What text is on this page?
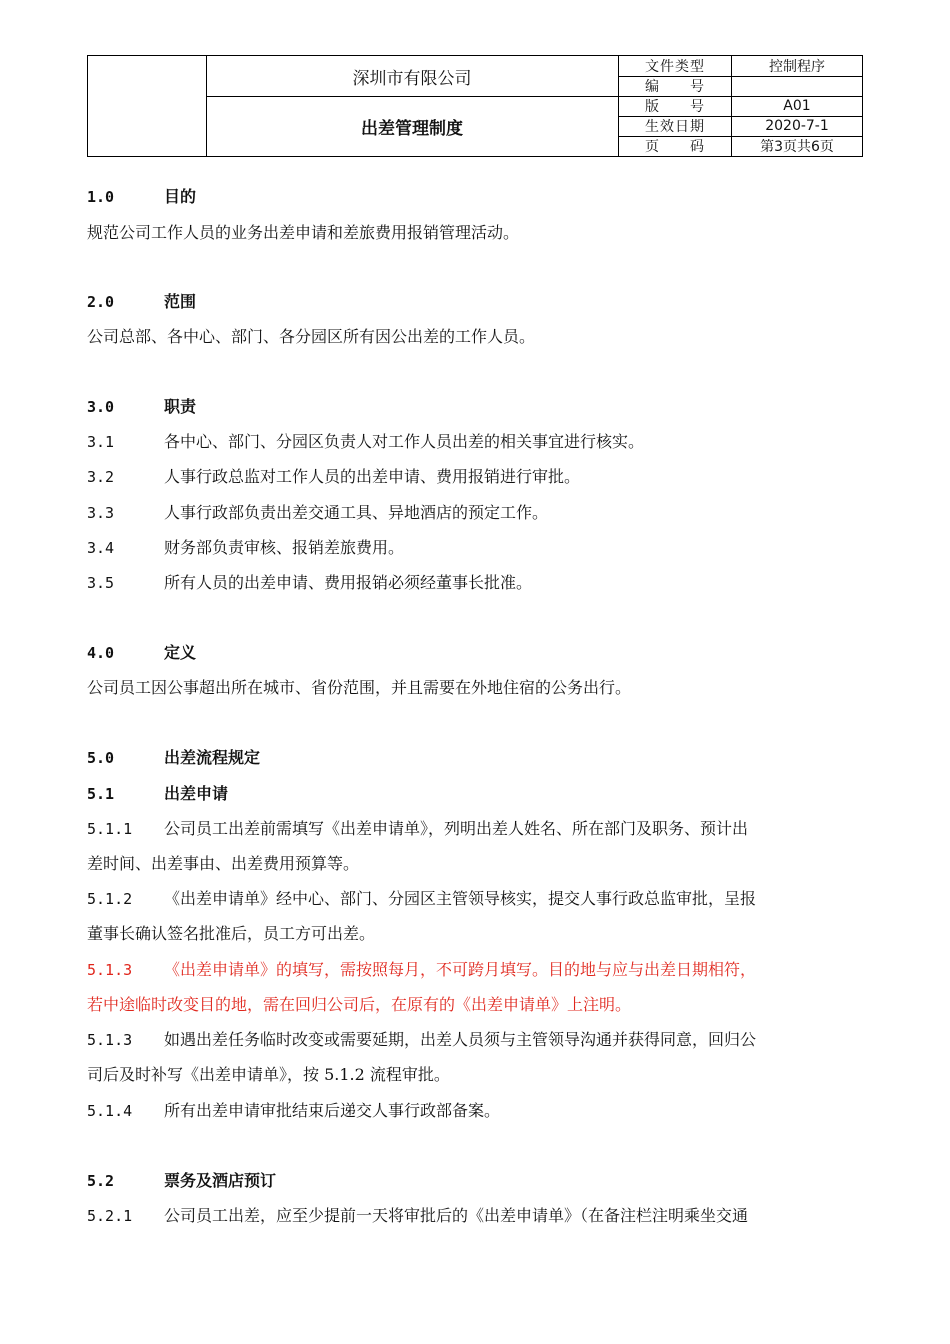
深圳市有限公司
出差管理制度
文件类型	控制程序
编　　号
版　　号	A01
生效日期	2020-7-1
页　　码	第3页共6页
1.0	目的
规范公司工作人员的业务出差申请和差旅费用报销管理活动。
2.0	范围
公司总部、各中心、部门、各分园区所有因公出差的工作人员。
3.0	职责
3.1	各中心、部门、分园区负责人对工作人员出差的相关事宜进行核实。
3.2	人事行政总监对工作人员的出差申请、费用报销进行审批。
3.3	人事行政部负责出差交通工具、异地酒店的预定工作。
3.4	财务部负责审核、报销差旅费用。
3.5	所有人员的出差申请、费用报销必须经董事长批准。
4.0	定义
公司员工因公事超出所在城市、省份范围，并且需要在外地住宿的公务出行。
5.0	出差流程规定
5.1	出差申请
5.1.1 公司员工出差前需填写《出差申请单》，列明出差人姓名、所在部门及职务、预计出
差时间、出差事由、出差费用预算等。
5.1.2 《出差申请单》经中心、部门、分园区主管领导核实，提交人事行政总监审批，呈报
董事长确认签名批准后，员工方可出差。
5.1.3 《出差申请单》的填写，需按照每月，不可跨月填写。目的地与应与出差日期相符，
若中途临时改变目的地，需在回归公司后，在原有的《出差申请单》上注明。
5.1.3 如遇出差任务临时改变或需要延期，出差人员须与主管领导沟通并获得同意，回归公
司后及时补写《出差申请单》，按 5.1.2 流程审批。
5.1.4 所有出差申请审批结束后递交人事行政部备案。
5.2	票务及酒店预订
5.2.1 公司员工出差，应至少提前一天将审批后的《出差申请单》（在备注栏注明乘坐交通
